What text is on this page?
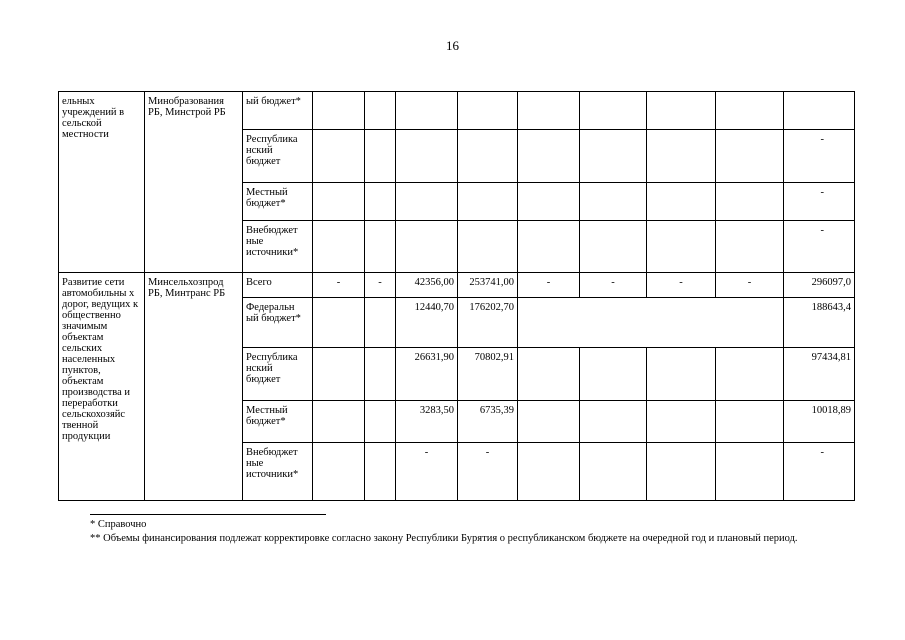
16
ельных учреждений в сельской местности	Минобразования РБ, Минстрой РБ	ый бюджет*									
		Республика нский бюджет									-
		Местный бюджет*									-
		Внебюджет ные источники*									-
Развитие сети автомобильны х дорог, ведущих к общественно значимым объектам сельских населенных пунктов, объектам производства и переработки сельскохозяйс твенной продукции	Минсельхозпрод РБ, Минтранс РБ	Всего	-	-	42356,00	253741,00	-	-	-	-	296097,0
		Федеральн ый бюджет*			12440,70	176202,70					188643,4
		Республика нский бюджет			26631,90	70802,91					97434,81
		Местный бюджет*			3283,50	6735,39					10018,89
		Внебюджет ные источники*			-	-					-
* Справочно
** Объемы финансирования подлежат корректировке согласно закону Республики Бурятия о республиканском бюджете на очередной год и плановый период.
